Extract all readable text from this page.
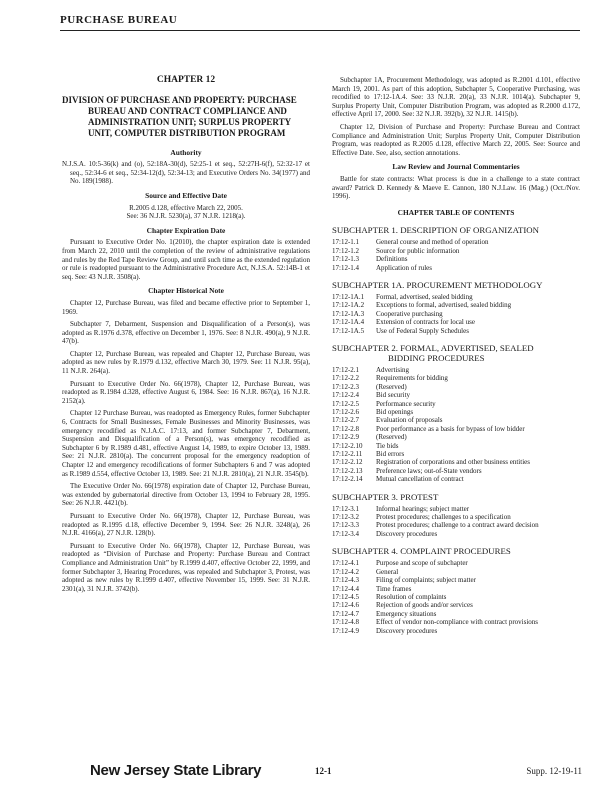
PURCHASE BUREAU
CHAPTER 12
DIVISION OF PURCHASE AND PROPERTY: PURCHASE BUREAU AND CONTRACT COMPLIANCE AND ADMINISTRATION UNIT; SURPLUS PROPERTY UNIT, COMPUTER DISTRIBUTION PROGRAM
Authority

N.J.S.A. 10:5-36(k) and (o), 52:18A-30(d), 52:25-1 et seq., 52:27H-6(f), 52:32-17 et seq., 52:34-6 et seq., 52:34-12(d), 52:34-13; and Executive Orders No. 34(1977) and No. 189(1988).

Source and Effective Date

R.2005 d.128, effective March 22, 2005.

See: 36 N.J.R. 5230(a), 37 N.J.R. 1218(a).

Chapter Expiration Date

Pursuant to Executive Order No. 1(2010), the chapter expiration date is extended from March 22, 2010 until the completion of the review of administrative regulations and rules by the Red Tape Review Group, and until such time as the extended regulation or rule is readopted pursuant to the Administrative Procedure Act, N.J.S.A. 52:14B-1 et seq. See: 43 N.J.R. 3508(a).

Chapter Historical Note

Chapter 12, Purchase Bureau, was filed and became effective prior to September 1, 1969.

Subchapter 7, Debarment, Suspension and Disqualification of a Person(s), was adopted as R.1976 d.378, effective on December 1, 1976. See: 8 N.J.R. 490(a), 9 N.J.R. 47(b).

Chapter 12, Purchase Bureau, was repealed and Chapter 12, Purchase Bureau, was adopted as new rules by R.1979 d.132, effective March 30, 1979. See: 11 N.J.R. 95(a), 11 N.J.R. 264(a).

Pursuant to Executive Order No. 66(1978), Chapter 12, Purchase Bureau, was readopted as R.1984 d.328, effective August 6, 1984. See: 16 N.J.R. 867(a), 16 N.J.R. 2152(a).

Chapter 12 Purchase Bureau, was readopted as Emergency Rules, former Subchapter 6, Contracts for Small Businesses, Female Businesses and Minority Businesses, was emergency recodified as N.J.A.C. 17:13, and former Subchapter 7, Debarment, Suspension and Disqualification of a Person(s), was emergency recodified as Subchapter 6 by R.1989 d.481, effective August 14, 1989, to expire October 13, 1989. See: 21 N.J.R. 2810(a). The concurrent proposal for the emergency readoption of Chapter 12 and emergency recodifications of former Subchapters 6 and 7 was adopted as R.1989 d.554, effective October 13, 1989. See: 21 N.J.R. 2810(a), 21 N.J.R. 3545(b).

The Executive Order No. 66(1978) expiration date of Chapter 12, Purchase Bureau, was extended by gubernatorial directive from October 13, 1994 to February 28, 1995. See: 26 N.J.R. 4421(b).

Pursuant to Executive Order No. 66(1978), Chapter 12, Purchase Bureau, was readopted as R.1995 d.18, effective December 9, 1994. See: 26 N.J.R. 3248(a), 26 N.J.R. 4166(a), 27 N.J.R. 128(b).

Pursuant to Executive Order No. 66(1978), Chapter 12, Purchase Bureau, was readopted as “Division of Purchase and Property: Purchase Bureau and Contract Compliance and Administration Unit” by R.1999 d.407, effective October 22, 1999, and former Subchapter 3, Hearing Procedures, was repealed and Subchapter 3, Protest, was adopted as new rules by R.1999 d.407, effective November 15, 1999. See: 31 N.J.R. 2301(a), 31 N.J.R. 3742(b).

Subchapter 1A, Procurement Methodology, was adopted as R.2001 d.101, effective March 19, 2001. As part of this adoption, Subchapter 5, Cooperative Purchasing, was recodified to 17:12-1A.4. See: 33 N.J.R. 20(a), 33 N.J.R. 1014(a). Subchapter 9, Surplus Property Unit, Computer Distribution Program, was adopted as R.2000 d.172, effective April 17, 2000. See: 32 N.J.R. 392(b), 32 N.J.R. 1415(b).

Chapter 12, Division of Purchase and Property: Purchase Bureau and Contract Compliance and Administration Unit; Surplus Property Unit, Computer Distribution Program, was readopted as R.2005 d.128, effective March 22, 2005. See: Source and Effective Date. See, also, section annotations.

Law Review and Journal Commentaries

Battle for state contracts: What process is due in a challenge to a state contract award? Patrick D. Kennedy & Maeve E. Cannon, 180 N.J.Law. 16 (Mag.) (Oct./Nov. 1996).

CHAPTER TABLE OF CONTENTS
SUBCHAPTER 1. DESCRIPTION OF ORGANIZATION
17:12-1.1	General course and method of operation
17:12-1.2	Source for public information
17:12-1.3	Definitions
17:12-1.4	Application of rules
SUBCHAPTER 1A. PROCUREMENT METHODOLOGY
17:12-1A.1	Formal, advertised, sealed bidding
17:12-1A.2	Exceptions to formal, advertised, sealed bidding
17:12-1A.3	Cooperative purchasing
17:12-1A.4	Extension of contracts for local use
17:12-1A.5	Use of Federal Supply Schedules
SUBCHAPTER 2. FORMAL, ADVERTISED, SEALED
BIDDING PROCEDURES
17:12-2.1	Advertising
17:12-2.2	Requirements for bidding
17:12-2.3	(Reserved)
17:12-2.4	Bid security
17:12-2.5	Performance security
17:12-2.6	Bid openings
17:12-2.7	Evaluation of proposals
17:12-2.8	Poor performance as a basis for bypass of low bidder
17:12-2.9	(Reserved)
17:12-2.10	Tie bids
17:12-2.11	Bid errors
17:12-2.12	Registration of corporations and other business entities
17:12-2.13	Preference laws; out-of-State vendors
17:12-2.14	Mutual cancellation of contract
SUBCHAPTER 3. PROTEST
17:12-3.1	Informal hearings; subject matter
17:12-3.2	Protest procedures; challenges to a specification
17:12-3.3	Protest procedures; challenge to a contract award decision
17:12-3.4	Discovery procedures
SUBCHAPTER 4. COMPLAINT PROCEDURES
17:12-4.1	Purpose and scope of subchapter
17:12-4.2	General
17:12-4.3	Filing of complaints; subject matter
17:12-4.4	Time frames
17:12-4.5	Resolution of complaints
17:12-4.6	Rejection of goods and/or services
17:12-4.7	Emergency situations
17:12-4.8	Effect of vendor non-compliance with contract provisions
17:12-4.9	Discovery procedures
New Jersey State Library	12-1	Supp. 12-19-11
